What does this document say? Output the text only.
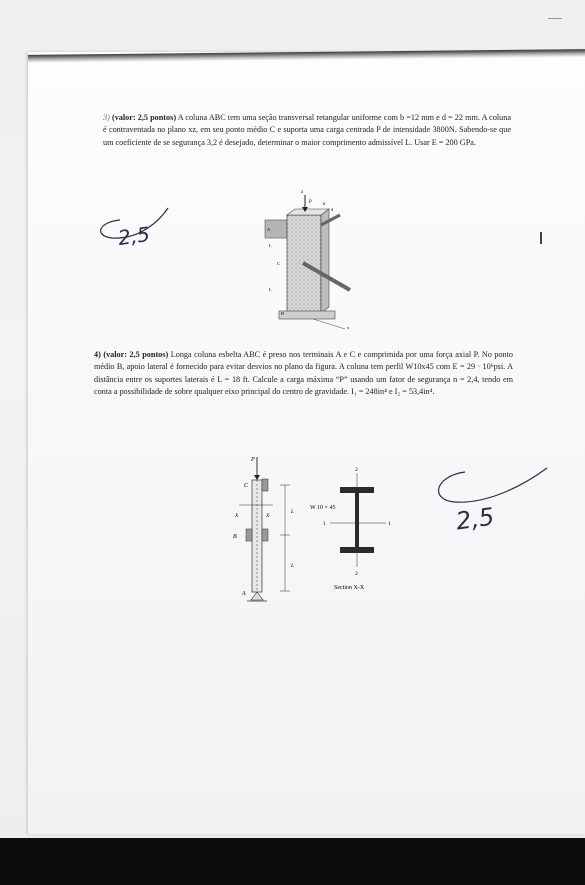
3) (valor: 2,5 pontos) A coluna ABC tem uma seção transversal retangular uniforme com b =12 mm e d = 22 mm. A coluna é contraventada no plano xz, em seu ponto médio C e suporta uma carga centrada P de intensidade 3800N. Sabendo-se que um coeficiente de se segurança 3,2 é desejado, determinar o maior comprimento admissível L. Usar E = 200 GPa.
2,5
P
z
b
d
A
C
L
L
B
x
4) (valor: 2,5 pontos) Longa coluna esbelta ABC é preso nos terminais A e C e comprimida por uma força axial P. No ponto médio B, apoio lateral é fornecido para evitar desvios no plano da figura. A coluna tem perfil W10x45 com E = 29 · 10⁶psi. A distância entre os suportes laterais é L = 18 ft. Calcule a carga máxima “P” usando um fator de segurança n = 2,4, tendo em conta a possibilidade de sobre qualquer eixo principal do centro de gravidade. I₁ = 248in⁴ e I₂ = 53,4in⁴.
P
C
X	X
B
A
L
L
W 10 × 45
1	1
2
2
Section X-X
2,5
